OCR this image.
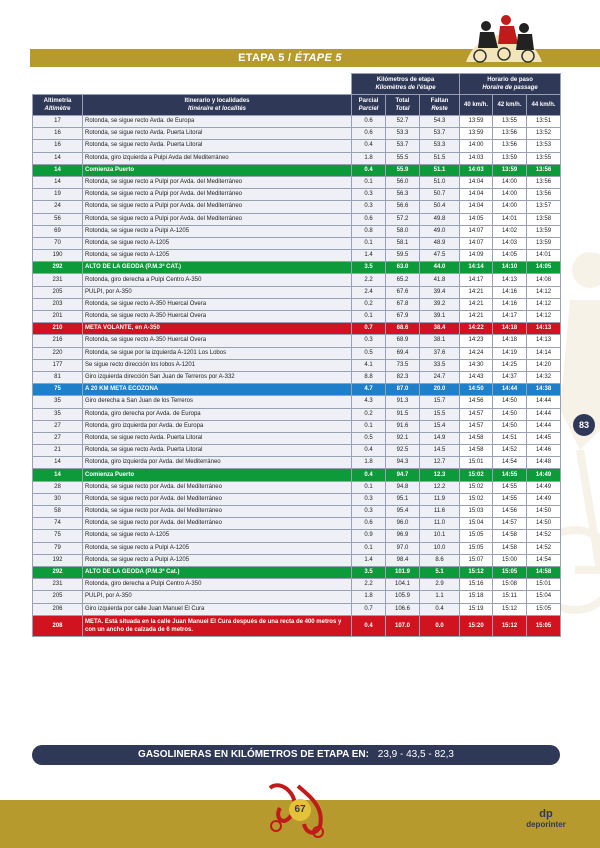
ETAPA 5 / ÉTAPE 5
		Kilómetros de etapa
Kilomètres de l'étape			Horario de paso
Horaire de passage		
Altimetría
Altimètre	Itinerario y localidades
Itinéraire et localités	Parcial
Parciel	Total
Total	Faltan
Reste	40 km/h.	42 km/h.	44 km/h.
17	Rotonda, se sigue recto Avda. de Europa	0.6	52.7	54.3	13:59	13:55	13:51
16	Rotonda, se sigue recto Avda. Puerta Litoral	0.6	53.3	53.7	13:59	13:56	13:52
16	Rotonda, se sigue recto Avda. Puerta Litoral	0.4	53.7	53.3	14:00	13:56	13:53
14	Rotonda, giro izquierda a Pulpi Avda del Mediterráneo	1.8	55.5	51.5	14:03	13:59	13:55
14	Comienza Puerto	0.4	55.9	51.1	14:03	13:59	13:56
14	Rotonda, se sigue recto a Pulpi por Avda. del Mediterráneo	0.1	56.0	51.0	14:04	14:00	13:56
19	Rotonda, se sigue recto a Pulpi por Avda. del Mediterráneo	0.3	56.3	50.7	14:04	14:00	13:56
24	Rotonda, se sigue recto a Pulpi por Avda. del Mediterráneo	0.3	56.6	50.4	14:04	14:00	13:57
56	Rotonda, se sigue recto a Pulpi por Avda. del Mediterráneo	0.6	57.2	49.8	14:05	14:01	13:58
69	Rotonda, se sigue recto a Pulpi A-1205	0.8	58.0	49.0	14:07	14:02	13:59
70	Rotonda, se sigue recto A-1205	0.1	58.1	48.9	14:07	14:03	13:59
190	Rotonda, se sigue recto A-1205	1.4	59.5	47.5	14:09	14:05	14:01
292	ALTO DE LA GEODA (P.M.3ª CAT.)	3.5	63.0	44.0	14:14	14:10	14:05
231	Rotonda, giro derecha a Pulpi Centro A-350	2.2	65.2	41.8	14:17	14:13	14:08
205	PULPI, por A-350	2.4	67.6	39.4	14:21	14:16	14:12
203	Rotonda, se sigue recto A-350 Huercal Overa	0.2	67.8	39.2	14:21	14:16	14:12
201	Rotonda, se sigue recto A-350 Huercal Overa	0.1	67.9	39.1	14:21	14:17	14:12
210	META VOLANTE, en A-350	0.7	68.6	38.4	14:22	14:18	14:13
216	Rotonda, se sigue recto A-350 Huercal Overa	0.3	68.9	38.1	14:23	14:18	14:13
220	Rotonda, se sigue por la izquierda A-1201 Los Lobos	0.5	69.4	37.6	14:24	14:19	14:14
177	Se sigue recto dirección los lobos A-1201	4.1	73.5	33.5	14:30	14:25	14:20
81	Giro izquierda dirección San Juan de Terreros por A-332	8.8	82.3	24.7	14:43	14:37	14:32
75	A 20 KM META ECOZONA	4.7	87.0	20.0	14:50	14:44	14:38
35	Giro derecha a San Juan de los Terreros	4.3	91.3	15.7	14:56	14:50	14:44
35	Rotonda, giro derecha por Avda. de Europa	0.2	91.5	15.5	14:57	14:50	14:44
27	Rotonda, giro izquierda por Avda. de Europa	0.1	91.6	15.4	14:57	14:50	14:44
27	Rotonda, se sigue recto Avda. Puerta Litoral	0.5	92.1	14.9	14:58	14:51	14:45
21	Rotonda, se sigue recto Avda. Puerta Litoral	0.4	92.5	14.5	14:58	14:52	14:46
14	Rotonda, giro izquierda por Avda. del Mediterráneo	1.8	94.3	12.7	15:01	14:54	14:48
14	Comienza Puerto	0.4	94.7	12.3	15:02	14:55	14:49
28	Rotonda, se sigue recto por Avda. del Mediterráneo	0.1	94.8	12.2	15:02	14:55	14:49
30	Rotonda, se sigue recto por Avda. del Mediterráneo	0.3	95.1	11.9	15:02	14:55	14:49
58	Rotonda, se sigue recto por Avda. del Mediterráneo	0.3	95.4	11.6	15:03	14:56	14:50
74	Rotonda, se sigue recto por Avda. del Mediterráneo	0.6	96.0	11.0	15:04	14:57	14:50
75	Rotonda, se sigue recto A-1205	0.9	96.9	10.1	15:05	14:58	14:52
79	Rotonda, se sigue recto a Pulpi A-1205	0.1	97.0	10.0	15:05	14:58	14:52
192	Rotonda, se sigue recto a Pulpi A-1205	1.4	98.4	8.6	15:07	15:00	14:54
292	ALTO DE LA GEODA (P.M.3ª Cat.)	3.5	101.9	5.1	15:12	15:05	14:58
231	Rotonda, giro derecha a Pulpi Centro A-350	2.2	104.1	2.9	15:16	15:08	15:01
205	PULPI, por A-350	1.8	105.9	1.1	15:18	15:11	15:04
206	Giro izquierda por calle Juan Manuel El Cura	0.7	106.6	0.4	15:19	15:12	15:05
208	META. Está situada en la calle Juan Manuel El Cura después de una recta de 400 metros y con un ancho de calzada de 6 metros.	0.4	107.0	0.0	15:20	15:12	15:05
83
GASOLINERAS EN KILÓMETROS DE ETAPA EN: 23,9 - 43,5 - 82,3
67	dp
deporinter
